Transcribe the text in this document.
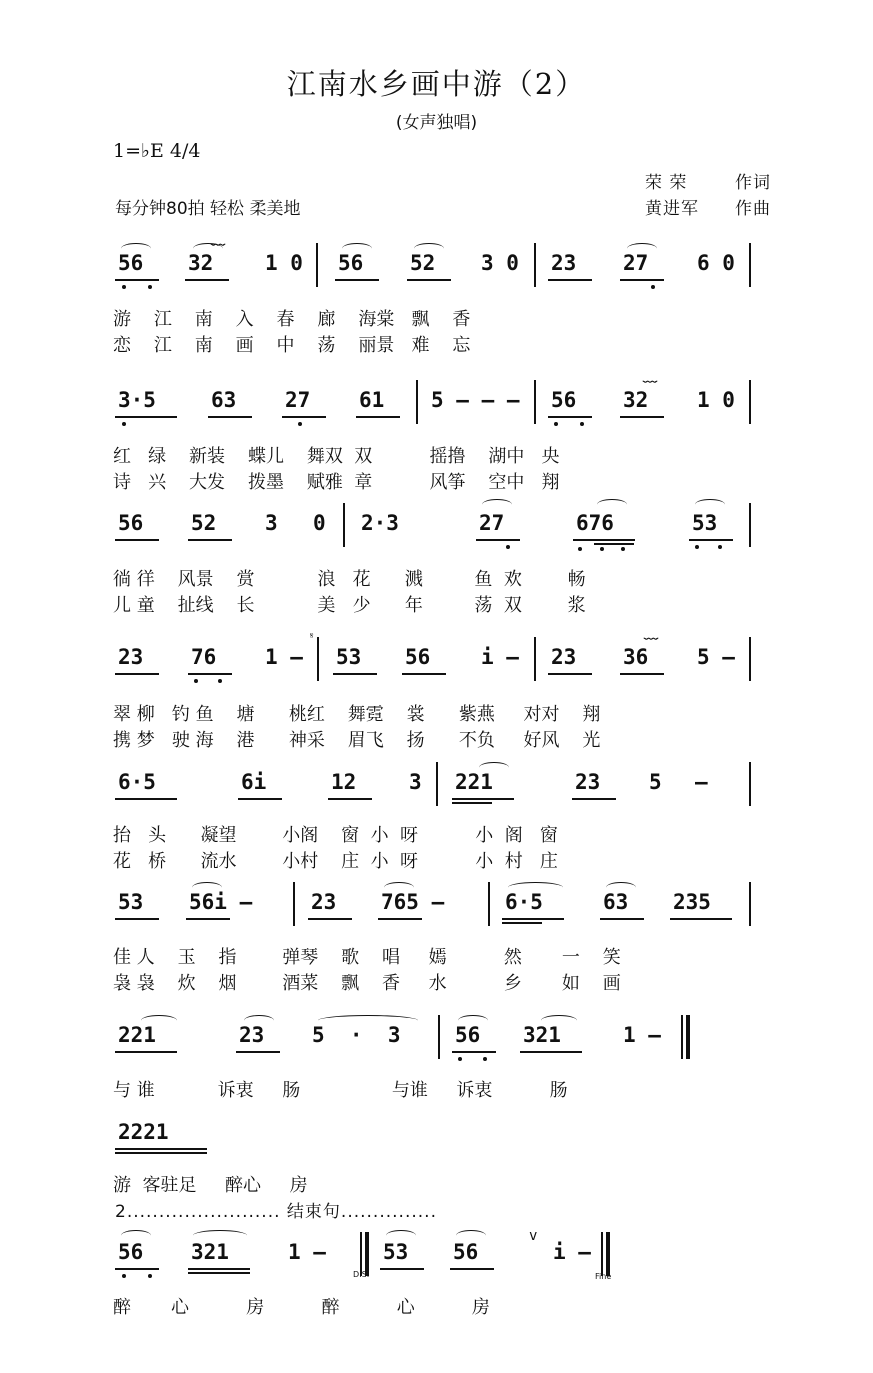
江南水乡画中游（2）
(女声独唱)
1=♭E 4/4
每分钟80拍 轻松 柔美地
荣 荣	作词
黄进军 作曲
56 32 1 0 56 52 3 0 23 27 6 0
﹏
游    江    南    入    春    廊    海棠   飘    香
恋    江    南    画    中    荡    丽景   难    忘
3·5	63 27 61 5 — — — 56 32 1 0
﹏
红   绿    新装    蝶儿    舞双  双          摇撸    湖中   央
诗   兴    大发    拨墨    赋雅  章          风筝    空中   翔
56 52 3 0 2·3	27	676	53
徜 徉    风景    赏           浪   花      溅         鱼  欢        畅
儿 童    扯线    长           美   少      年         荡  双        浆
23 76 1 — 53 56 i — 23 36 5 —
𝄋	﹏
翠 柳   钓 鱼    塘      桃红    舞霓    裳      紫燕     对对    翔
携 梦   驶 海    港      神采    眉飞    扬      不负     好风    光
6·5	6i	12	3 221	23 5 —
抬   头      凝望        小阁    窗  小  呀          小  阁   窗
花   桥      流水        小村    庄  小  呀          小  村   庄
53 56i —	23 765 —	6·5	63 235
佳 人    玉    指        弹琴    歌    唱     嫣          然       一    笑
袅 袅    炊    烟        酒菜    飘    香     水          乡       如    画
221	23 5  ·  3	56 321	1 —
与 谁           诉衷     肠                与谁     诉衷          肠
2221
游  客驻足     醉心     房
2........................ 结束句...............
56 321	1 —
D.S.
53 56
v
i —
Fine
醉       心          房          醉          心          房
